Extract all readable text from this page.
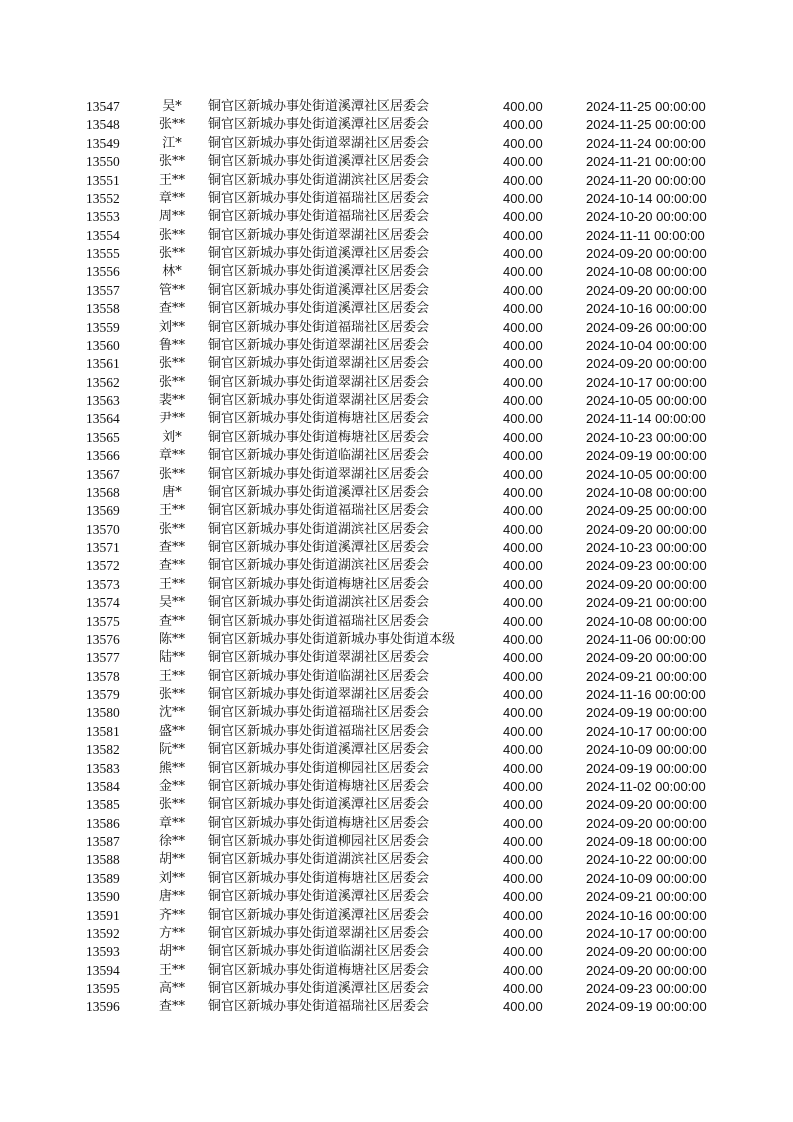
13547	吴*	铜官区新城办事处街道溪潭社区居委会	400.00	2024-11-25 00:00:00
13548	张**	铜官区新城办事处街道溪潭社区居委会	400.00	2024-11-25 00:00:00
13549	江*	铜官区新城办事处街道翠湖社区居委会	400.00	2024-11-24 00:00:00
13550	张**	铜官区新城办事处街道溪潭社区居委会	400.00	2024-11-21 00:00:00
13551	王**	铜官区新城办事处街道湖滨社区居委会	400.00	2024-11-20 00:00:00
13552	章**	铜官区新城办事处街道福瑞社区居委会	400.00	2024-10-14 00:00:00
13553	周**	铜官区新城办事处街道福瑞社区居委会	400.00	2024-10-20 00:00:00
13554	张**	铜官区新城办事处街道翠湖社区居委会	400.00	2024-11-11 00:00:00
13555	张**	铜官区新城办事处街道溪潭社区居委会	400.00	2024-09-20 00:00:00
13556	林*	铜官区新城办事处街道溪潭社区居委会	400.00	2024-10-08 00:00:00
13557	管**	铜官区新城办事处街道溪潭社区居委会	400.00	2024-09-20 00:00:00
13558	查**	铜官区新城办事处街道溪潭社区居委会	400.00	2024-10-16 00:00:00
13559	刘**	铜官区新城办事处街道福瑞社区居委会	400.00	2024-09-26 00:00:00
13560	鲁**	铜官区新城办事处街道翠湖社区居委会	400.00	2024-10-04 00:00:00
13561	张**	铜官区新城办事处街道翠湖社区居委会	400.00	2024-09-20 00:00:00
13562	张**	铜官区新城办事处街道翠湖社区居委会	400.00	2024-10-17 00:00:00
13563	裴**	铜官区新城办事处街道翠湖社区居委会	400.00	2024-10-05 00:00:00
13564	尹**	铜官区新城办事处街道梅塘社区居委会	400.00	2024-11-14 00:00:00
13565	刘*	铜官区新城办事处街道梅塘社区居委会	400.00	2024-10-23 00:00:00
13566	章**	铜官区新城办事处街道临湖社区居委会	400.00	2024-09-19 00:00:00
13567	张**	铜官区新城办事处街道翠湖社区居委会	400.00	2024-10-05 00:00:00
13568	唐*	铜官区新城办事处街道溪潭社区居委会	400.00	2024-10-08 00:00:00
13569	王**	铜官区新城办事处街道福瑞社区居委会	400.00	2024-09-25 00:00:00
13570	张**	铜官区新城办事处街道湖滨社区居委会	400.00	2024-09-20 00:00:00
13571	查**	铜官区新城办事处街道溪潭社区居委会	400.00	2024-10-23 00:00:00
13572	查**	铜官区新城办事处街道湖滨社区居委会	400.00	2024-09-23 00:00:00
13573	王**	铜官区新城办事处街道梅塘社区居委会	400.00	2024-09-20 00:00:00
13574	吴**	铜官区新城办事处街道湖滨社区居委会	400.00	2024-09-21 00:00:00
13575	查**	铜官区新城办事处街道福瑞社区居委会	400.00	2024-10-08 00:00:00
13576	陈**	铜官区新城办事处街道新城办事处街道本级	400.00	2024-11-06 00:00:00
13577	陆**	铜官区新城办事处街道翠湖社区居委会	400.00	2024-09-20 00:00:00
13578	王**	铜官区新城办事处街道临湖社区居委会	400.00	2024-09-21 00:00:00
13579	张**	铜官区新城办事处街道翠湖社区居委会	400.00	2024-11-16 00:00:00
13580	沈**	铜官区新城办事处街道福瑞社区居委会	400.00	2024-09-19 00:00:00
13581	盛**	铜官区新城办事处街道福瑞社区居委会	400.00	2024-10-17 00:00:00
13582	阮**	铜官区新城办事处街道溪潭社区居委会	400.00	2024-10-09 00:00:00
13583	熊**	铜官区新城办事处街道柳园社区居委会	400.00	2024-09-19 00:00:00
13584	金**	铜官区新城办事处街道梅塘社区居委会	400.00	2024-11-02 00:00:00
13585	张**	铜官区新城办事处街道溪潭社区居委会	400.00	2024-09-20 00:00:00
13586	章**	铜官区新城办事处街道梅塘社区居委会	400.00	2024-09-20 00:00:00
13587	徐**	铜官区新城办事处街道柳园社区居委会	400.00	2024-09-18 00:00:00
13588	胡**	铜官区新城办事处街道湖滨社区居委会	400.00	2024-10-22 00:00:00
13589	刘**	铜官区新城办事处街道梅塘社区居委会	400.00	2024-10-09 00:00:00
13590	唐**	铜官区新城办事处街道溪潭社区居委会	400.00	2024-09-21 00:00:00
13591	齐**	铜官区新城办事处街道溪潭社区居委会	400.00	2024-10-16 00:00:00
13592	方**	铜官区新城办事处街道翠湖社区居委会	400.00	2024-10-17 00:00:00
13593	胡**	铜官区新城办事处街道临湖社区居委会	400.00	2024-09-20 00:00:00
13594	王**	铜官区新城办事处街道梅塘社区居委会	400.00	2024-09-20 00:00:00
13595	高**	铜官区新城办事处街道溪潭社区居委会	400.00	2024-09-23 00:00:00
13596	查**	铜官区新城办事处街道福瑞社区居委会	400.00	2024-09-19 00:00:00
